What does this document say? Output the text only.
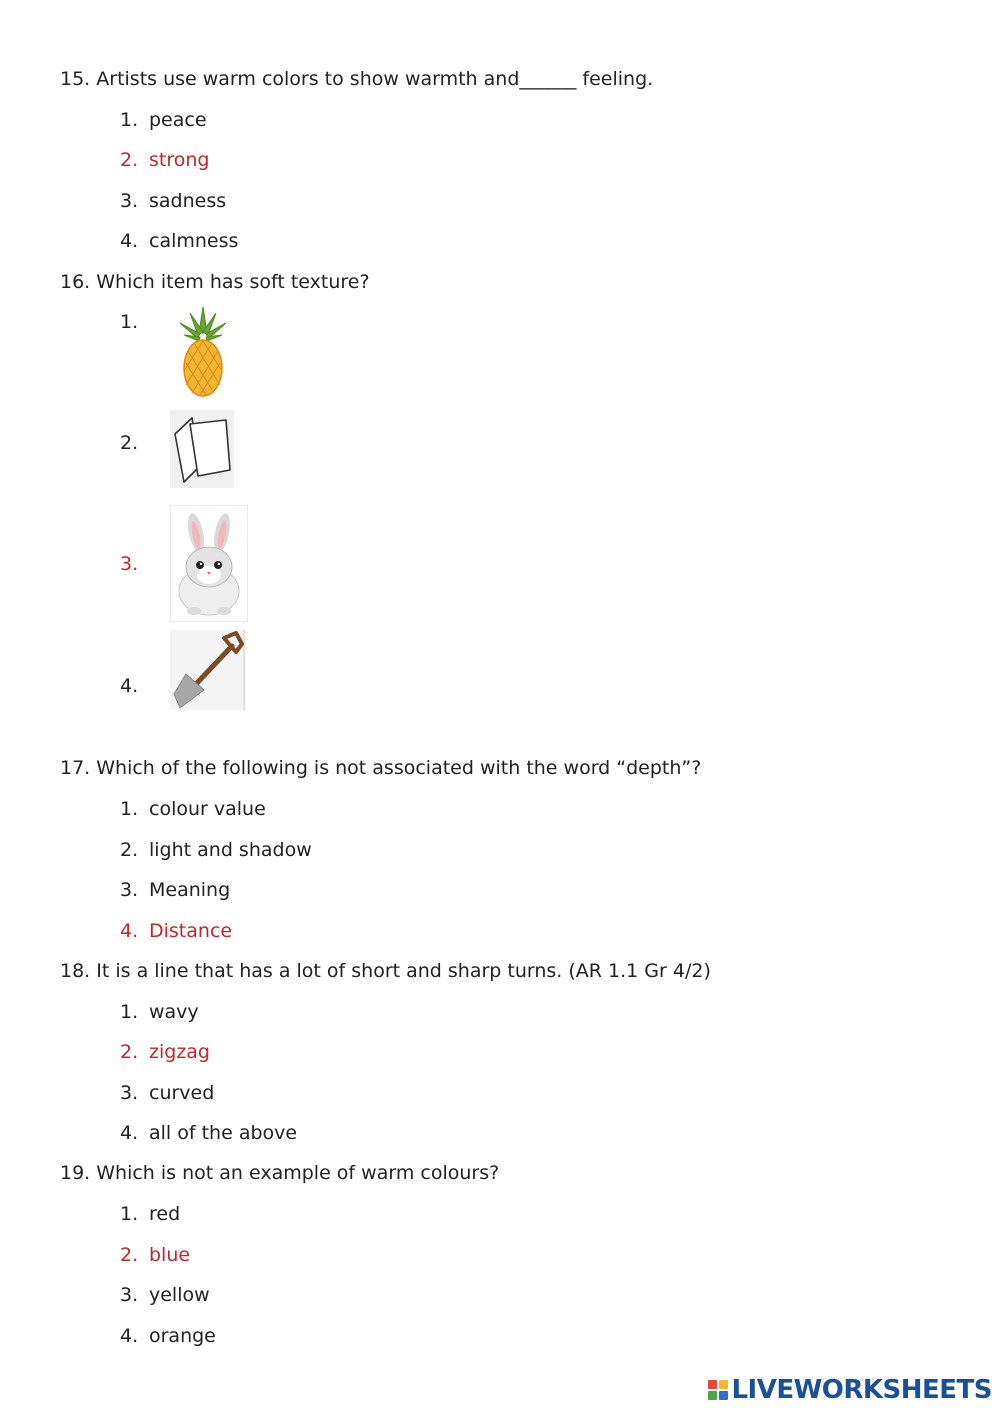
15. Artists use warm colors to show warmth and______ feeling.
1. peace
2. strong
3. sadness
4. calmness
16. Which item has soft texture?
1.
2.
3.
4.
17. Which of the following is not associated with the word “depth”?
1. colour value
2. light and shadow
3. Meaning
4. Distance
18. It is a line that has a lot of short and sharp turns. (AR 1.1 Gr 4/2)
1. wavy
2. zigzag
3. curved
4. all of the above
19. Which is not an example of warm colours?
1. red
2. blue
3. yellow
4. orange
LIVEWORKSHEETS
